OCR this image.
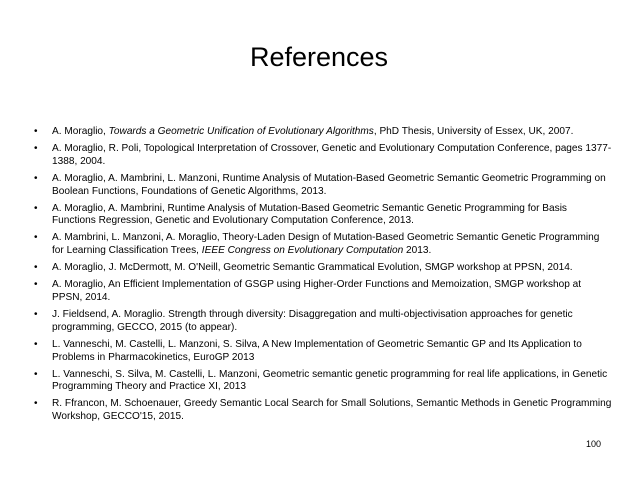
References
• A. Moraglio, Towards a Geometric Unification of Evolutionary Algorithms, PhD Thesis, University of Essex, UK, 2007.
• A. Moraglio, R. Poli, Topological Interpretation of Crossover, Genetic and Evolutionary Computation Conference, pages 1377-1388, 2004.
• A. Moraglio, A. Mambrini, L. Manzoni, Runtime Analysis of Mutation-Based Geometric Semantic Geometric Programming on Boolean Functions, Foundations of Genetic Algorithms, 2013.
• A. Moraglio, A. Mambrini, Runtime Analysis of Mutation-Based Geometric Semantic Genetic Programming for Basis Functions Regression, Genetic and Evolutionary Computation Conference, 2013.
• A. Mambrini, L. Manzoni, A. Moraglio, Theory-Laden Design of Mutation-Based Geometric Semantic Genetic Programming for Learning Classification Trees, IEEE Congress on Evolutionary Computation 2013.
• A. Moraglio, J. McDermott, M. O'Neill, Geometric Semantic Grammatical Evolution, SMGP workshop at PPSN, 2014.
• A. Moraglio, An Efficient Implementation of GSGP using Higher-Order Functions and Memoization, SMGP workshop at PPSN, 2014.
• J. Fieldsend, A. Moraglio. Strength through diversity: Disaggregation and multi-objectivisation approaches for genetic programming, GECCO, 2015 (to appear).
• L. Vanneschi, M. Castelli, L. Manzoni, S. Silva, A New Implementation of Geometric Semantic GP and Its Application to Problems in Pharmacokinetics, EuroGP 2013
• L. Vanneschi, S. Silva, M. Castelli, L. Manzoni, Geometric semantic genetic programming for real life applications, in Genetic Programming Theory and Practice XI, 2013
• R. Ffrancon, M. Schoenauer, Greedy Semantic Local Search for Small Solutions, Semantic Methods in Genetic Programming Workshop, GECCO'15, 2015.
100
